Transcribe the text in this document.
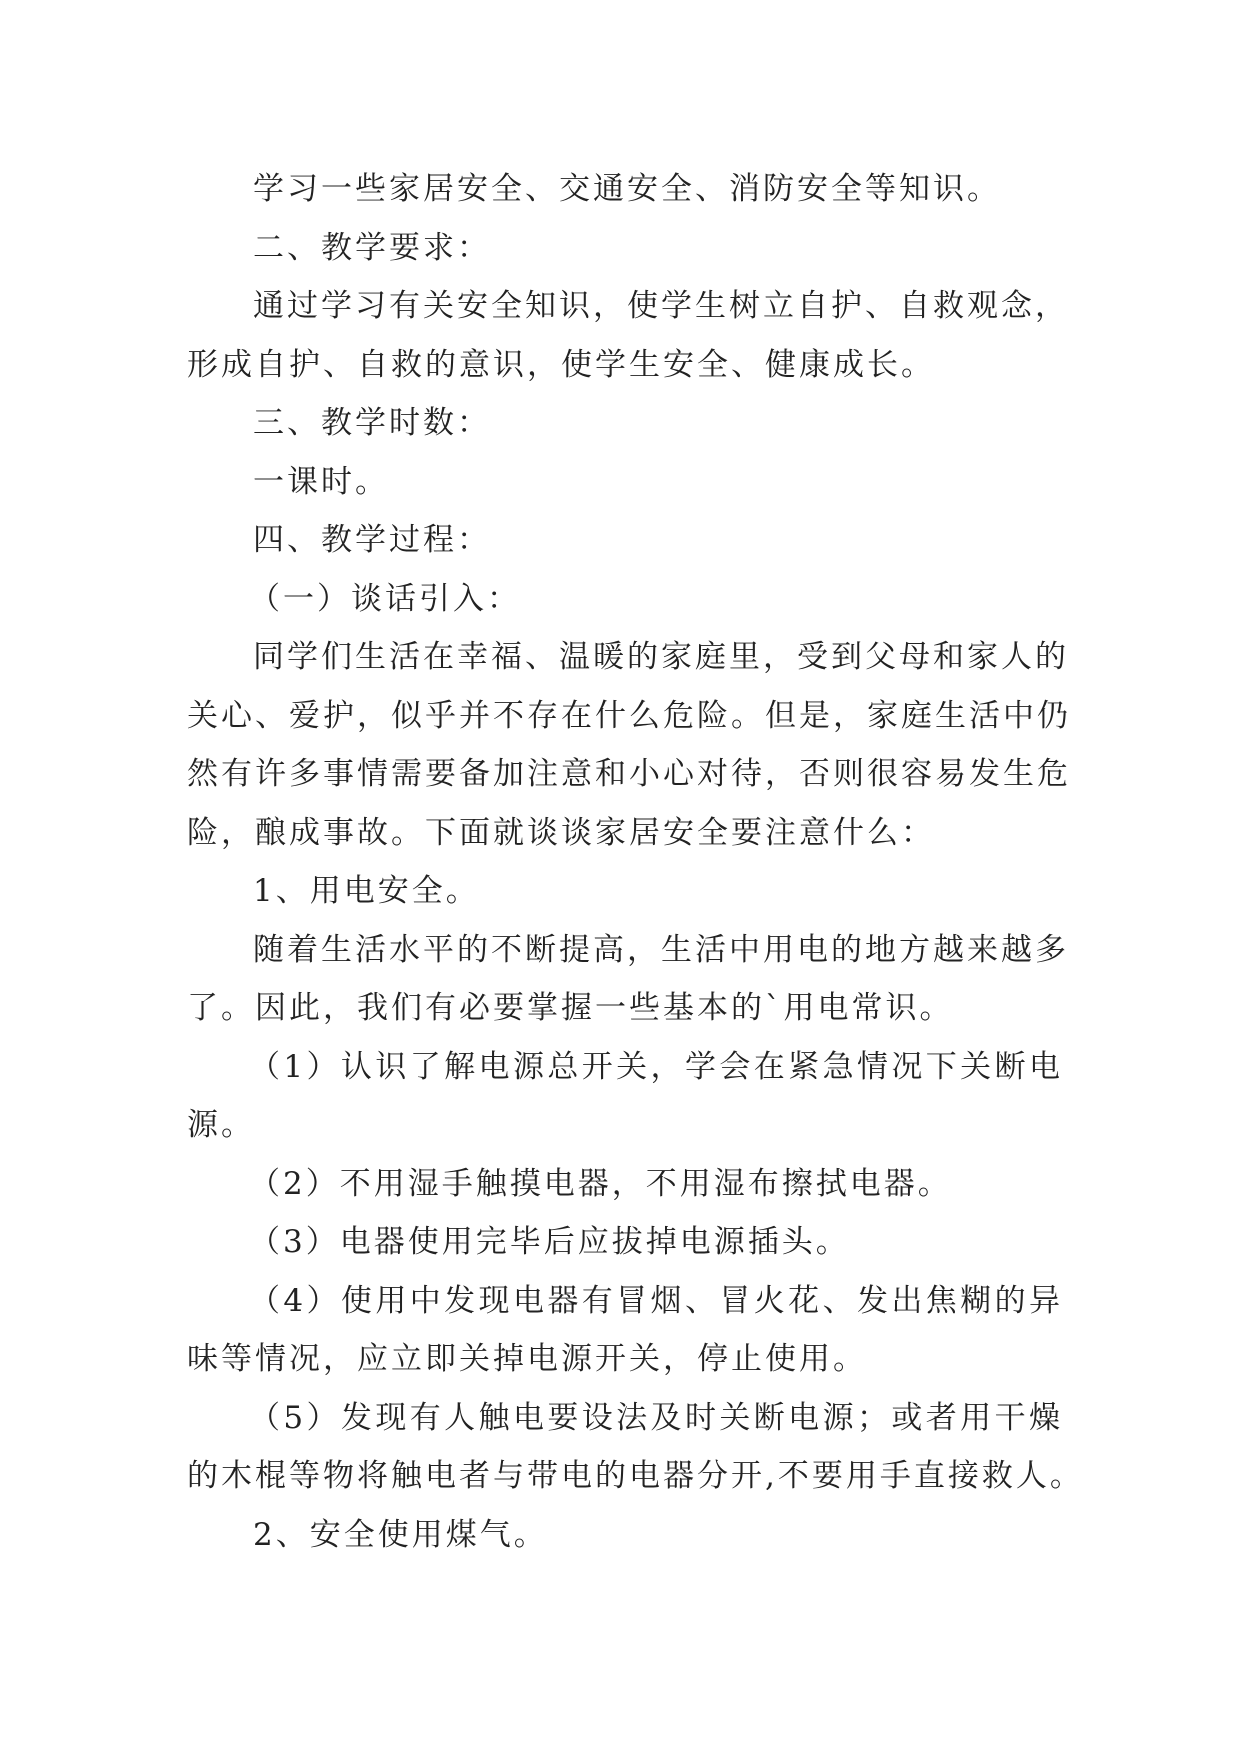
学习一些家居安全、交通安全、消防安全等知识。

二、教学要求：

通过学习有关安全知识，使学生树立自护、自救观念，

形成自护、自救的意识，使学生安全、健康成长。

三、教学时数：

一课时。

四、教学过程：

（一）谈话引入：

同学们生活在幸福、温暖的家庭里，受到父母和家人的

关心、爱护，似乎并不存在什么危险。但是，家庭生活中仍

然有许多事情需要备加注意和小心对待，否则很容易发生危

险，酿成事故。下面就谈谈家居安全要注意什么：

1、用电安全。

随着生活水平的不断提高，生活中用电的地方越来越多

了。因此，我们有必要掌握一些基本的`用电常识。

（1）认识了解电源总开关，学会在紧急情况下关断电

源。

（2）不用湿手触摸电器，不用湿布擦拭电器。

（3）电器使用完毕后应拔掉电源插头。

（4）使用中发现电器有冒烟、冒火花、发出焦糊的异

味等情况，应立即关掉电源开关，停止使用。

（5）发现有人触电要设法及时关断电源；或者用干燥

的木棍等物将触电者与带电的电器分开,不要用手直接救人。

2、安全使用煤气。
